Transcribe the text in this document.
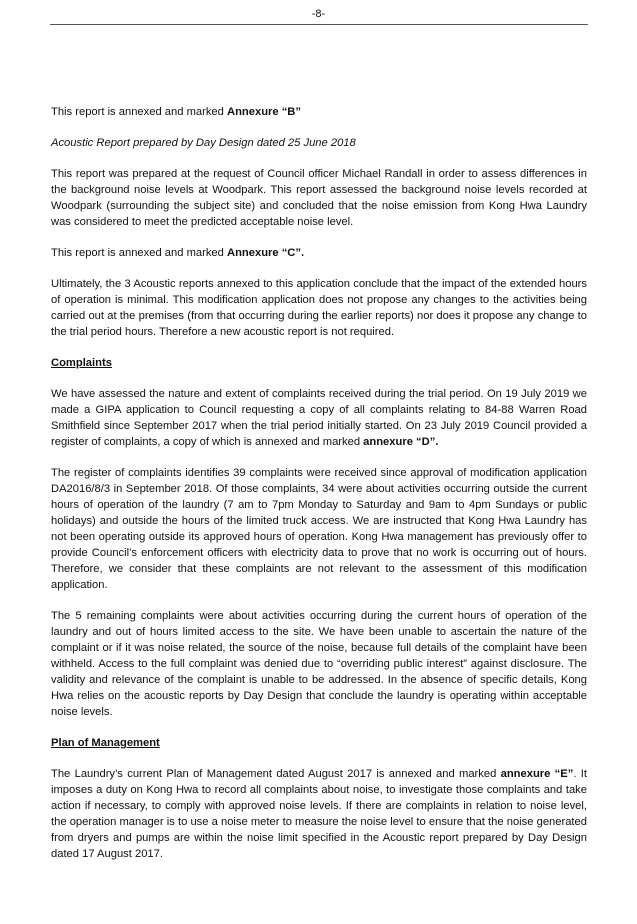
-8-

This report is annexed and marked Annexure “B”

Acoustic Report prepared by Day Design dated 25 June 2018

This report was prepared at the request of Council officer Michael Randall in order to assess differences in the background noise levels at Woodpark. This report assessed the background noise levels recorded at Woodpark (surrounding the subject site) and concluded that the noise emission from Kong Hwa Laundry was considered to meet the predicted acceptable noise level.

This report is annexed and marked Annexure “C”.

Ultimately, the 3 Acoustic reports annexed to this application conclude that the impact of the extended hours of operation is minimal. This modification application does not propose any changes to the activities being carried out at the premises (from that occurring during the earlier reports) nor does it propose any change to the trial period hours. Therefore a new acoustic report is not required.

Complaints

We have assessed the nature and extent of complaints received during the trial period. On 19 July 2019 we made a GIPA application to Council requesting a copy of all complaints relating to 84-88 Warren Road Smithfield since September 2017 when the trial period initially started. On 23 July 2019 Council provided a register of complaints, a copy of which is annexed and marked annexure “D”.

The register of complaints identifies 39 complaints were received since approval of modification application DA2016/8/3 in September 2018. Of those complaints, 34 were about activities occurring outside the current hours of operation of the laundry (7 am to 7pm Monday to Saturday and 9am to 4pm Sundays or public holidays) and outside the hours of the limited truck access. We are instructed that Kong Hwa Laundry has not been operating outside its approved hours of operation. Kong Hwa management has previously offer to provide Council’s enforcement officers with electricity data to prove that no work is occurring out of hours. Therefore, we consider that these complaints are not relevant to the assessment of this modification application.

The 5 remaining complaints were about activities occurring during the current hours of operation of the laundry and out of hours limited access to the site. We have been unable to ascertain the nature of the complaint or if it was noise related, the source of the noise, because full details of the complaint have been withheld. Access to the full complaint was denied due to “overriding public interest” against disclosure. The validity and relevance of the complaint is unable to be addressed. In the absence of specific details, Kong Hwa relies on the acoustic reports by Day Design that conclude the laundry is operating within acceptable noise levels.

Plan of Management

The Laundry’s current Plan of Management dated August 2017 is annexed and marked annexure “E”. It imposes a duty on Kong Hwa to record all complaints about noise, to investigate those complaints and take action if necessary, to comply with approved noise levels. If there are complaints in relation to noise level, the operation manager is to use a noise meter to measure the noise level to ensure that the noise generated from dryers and pumps are within the noise limit specified in the Acoustic report prepared by Day Design dated 17 August 2017.
